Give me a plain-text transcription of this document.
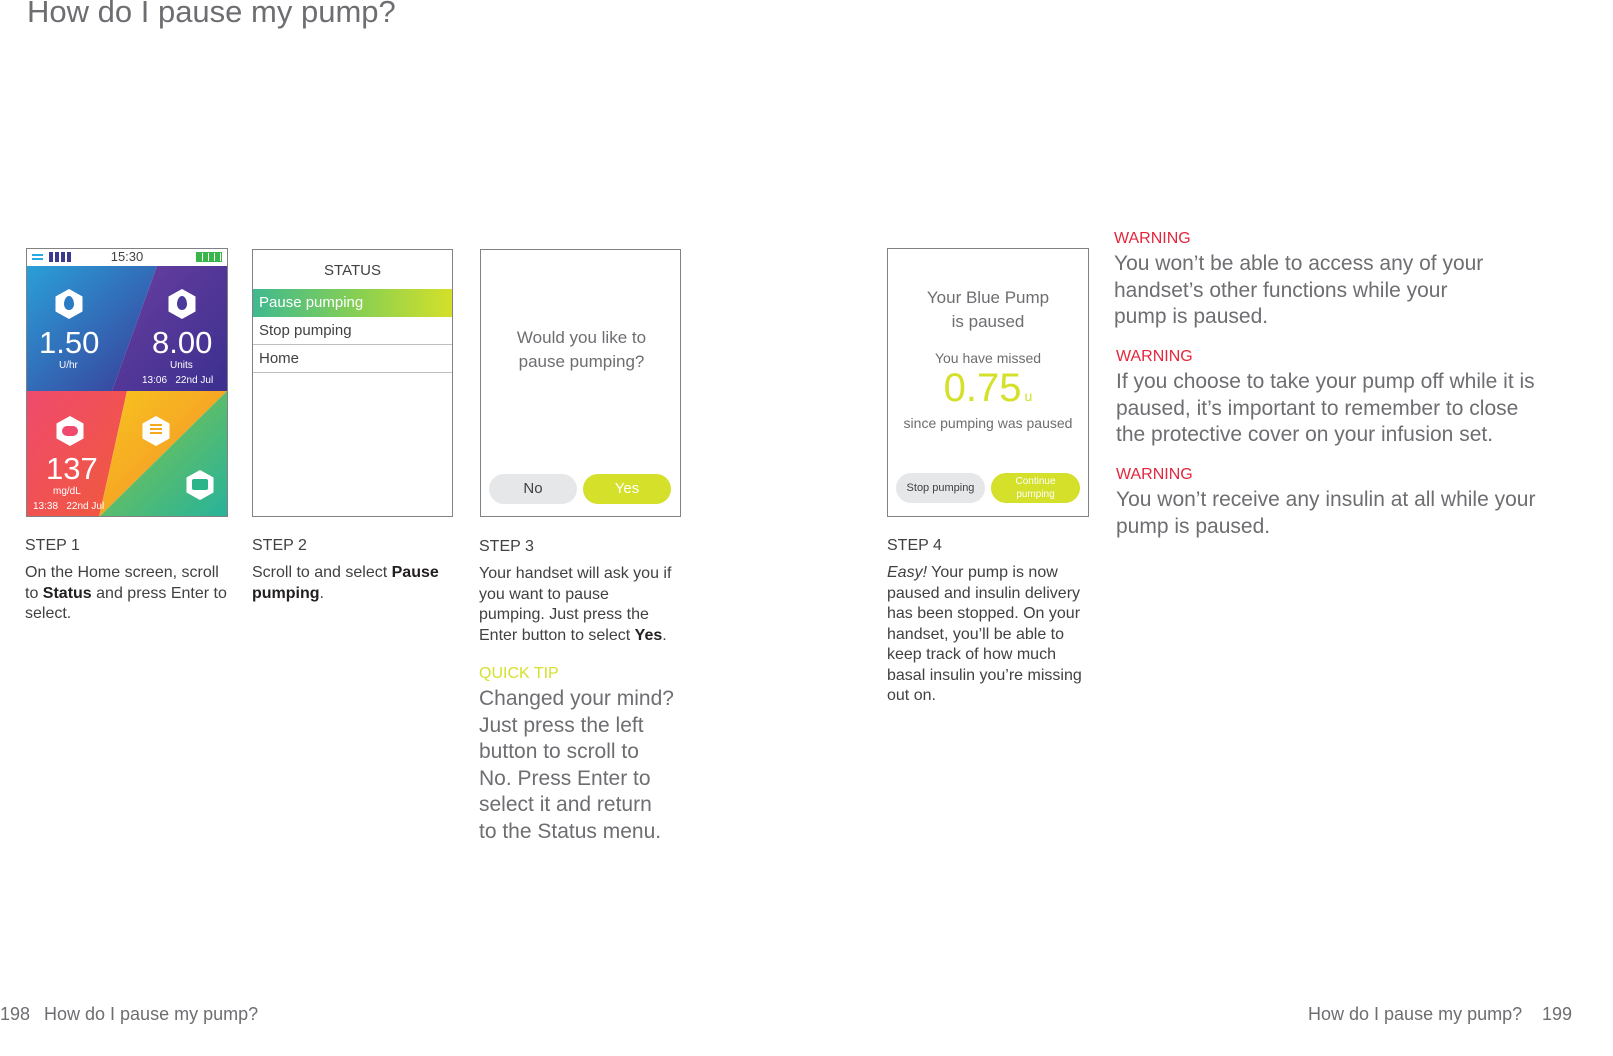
How do I pause my pump?
15:30
1.50
U/hr
8.00
Units
13:06   22nd Jul
137
mg/dL
13:38   22nd Jul
STEP 1
On the Home screen, scroll to Status and press Enter to select.
STATUS
Pause pumping
Stop pumping
Home
STEP 2
Scroll to and select Pause pumping.
Would you like to pause pumping?
No	Yes
STEP 3
Your handset will ask you if you want to pause pumping. Just press the Enter button to select Yes.
QUICK TIP
Changed your mind? Just press the left button to scroll to No. Press Enter to select it and return to the Status menu.
Your Blue Pump
is paused
You have missed
0.75 u
since pumping was paused
Stop pumping
Continue pumping
STEP 4
Easy! Your pump is now paused and insulin delivery has been stopped. On your handset, you’ll be able to keep track of how much basal insulin you’re missing out on.
WARNING
You won’t be able to access any of your handset’s other functions while your pump is paused.
WARNING
If you choose to take your pump off while it is paused, it’s important to remember to close the protective cover on your infusion set.
WARNING
You won’t receive any insulin at all while your pump is paused.
198 How do I pause my pump?	How do I pause my pump? 199
